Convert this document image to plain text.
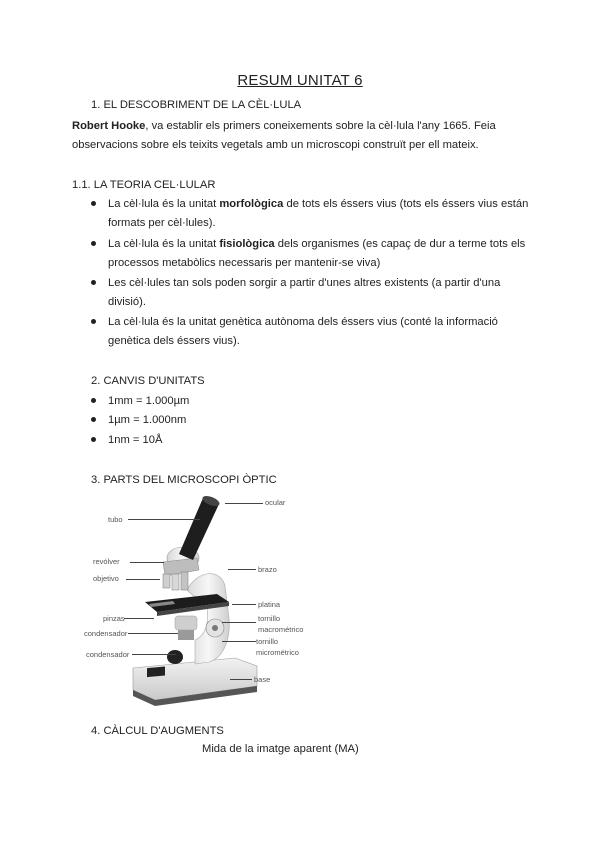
RESUM UNITAT 6
1. EL DESCOBRIMENT DE LA CÈL·LULA
Robert Hooke, va establir els primers coneixements sobre la cèl·lula l'any 1665. Feia
observacions sobre els teixits vegetals amb un microscopi construït per ell mateix.
1.1. LA TEORIA CEL·LULAR
La cèl·lula és la unitat morfològica de tots els éssers vius (tots els éssers vius están
formats per cèl·lules).
La cèl·lula és la unitat fisiològica dels organismes (es capaç de dur a terme tots els
processos metabòlics necessaris per mantenir-se viva)
Les cèl·lules tan sols poden sorgir a partir d'unes altres existents (a partir d'una
divisió).
La cèl·lula és la unitat genètica autònoma dels éssers vius (conté la informació
genètica dels éssers vius).
2. CANVIS D'UNITATS
1mm = 1.000µm
1µm = 1.000nm
1nm = 10Å
3. PARTS DEL MICROSCOPI ÒPTIC
tubo
ocular
revólver
objetivo
brazo
platina
pinzas	tornillo
macrométrico
condensador
tornillo
micrométrico
condensador
base
4. CÀLCUL D'AUGMENTS
Mida de la imatge aparent (MA)
